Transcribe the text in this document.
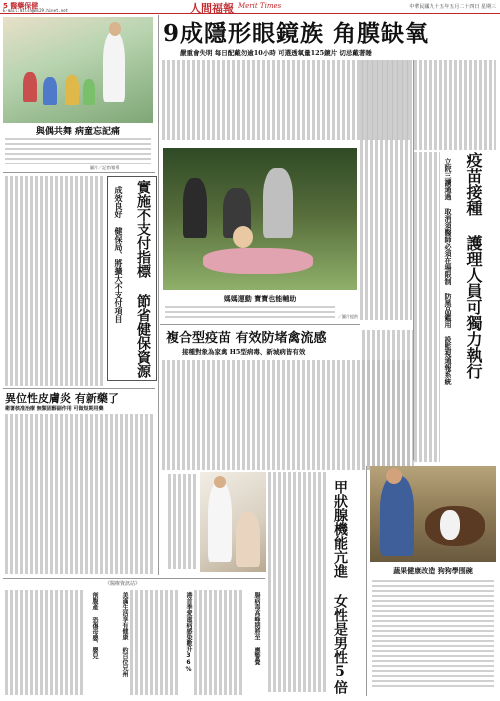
5 醫藥保健
E-mail:mtlsh@ms29.hinet.net	人間福報 Merit Times	中華民國九十五年五月二十四日 星期三
與偶共舞 病童忘記痛
圖片／記者/報導
實施不支付指標 節省健保資源
成效良好 健保局、將擴大不支付項目
異位性皮膚炎 有新藥了
衛署核准治療 無類固醇副作用 可做短期用藥
《醫療資訊站》
剖腹產 恐傷母嬰、嬰兒	美滿生活享有健康 約百位兄州	港首季愛滋病感染數升36%	腸病毒高峰期將至 應警覺
9成隱形眼鏡族 角膜缺氧
嚴重會失明 每日配戴勿逾10小時 可選透氧量125鏡片 切忌戴著睡
媽媽運動 寶寶也能輔助
／圖片提供
複合型疫苗 有效防堵禽流感
接種對象為家禽 H5型病毒、新城病皆有效
甲狀腺機能亢進 女性是男性5倍
疫苗接種 護理人員可獨力執行
立院三讀通過 取消須醫師必須在場限制 防黑品鑑用 設監視通報系統
蔬果健康改造 狗狗學围碗
